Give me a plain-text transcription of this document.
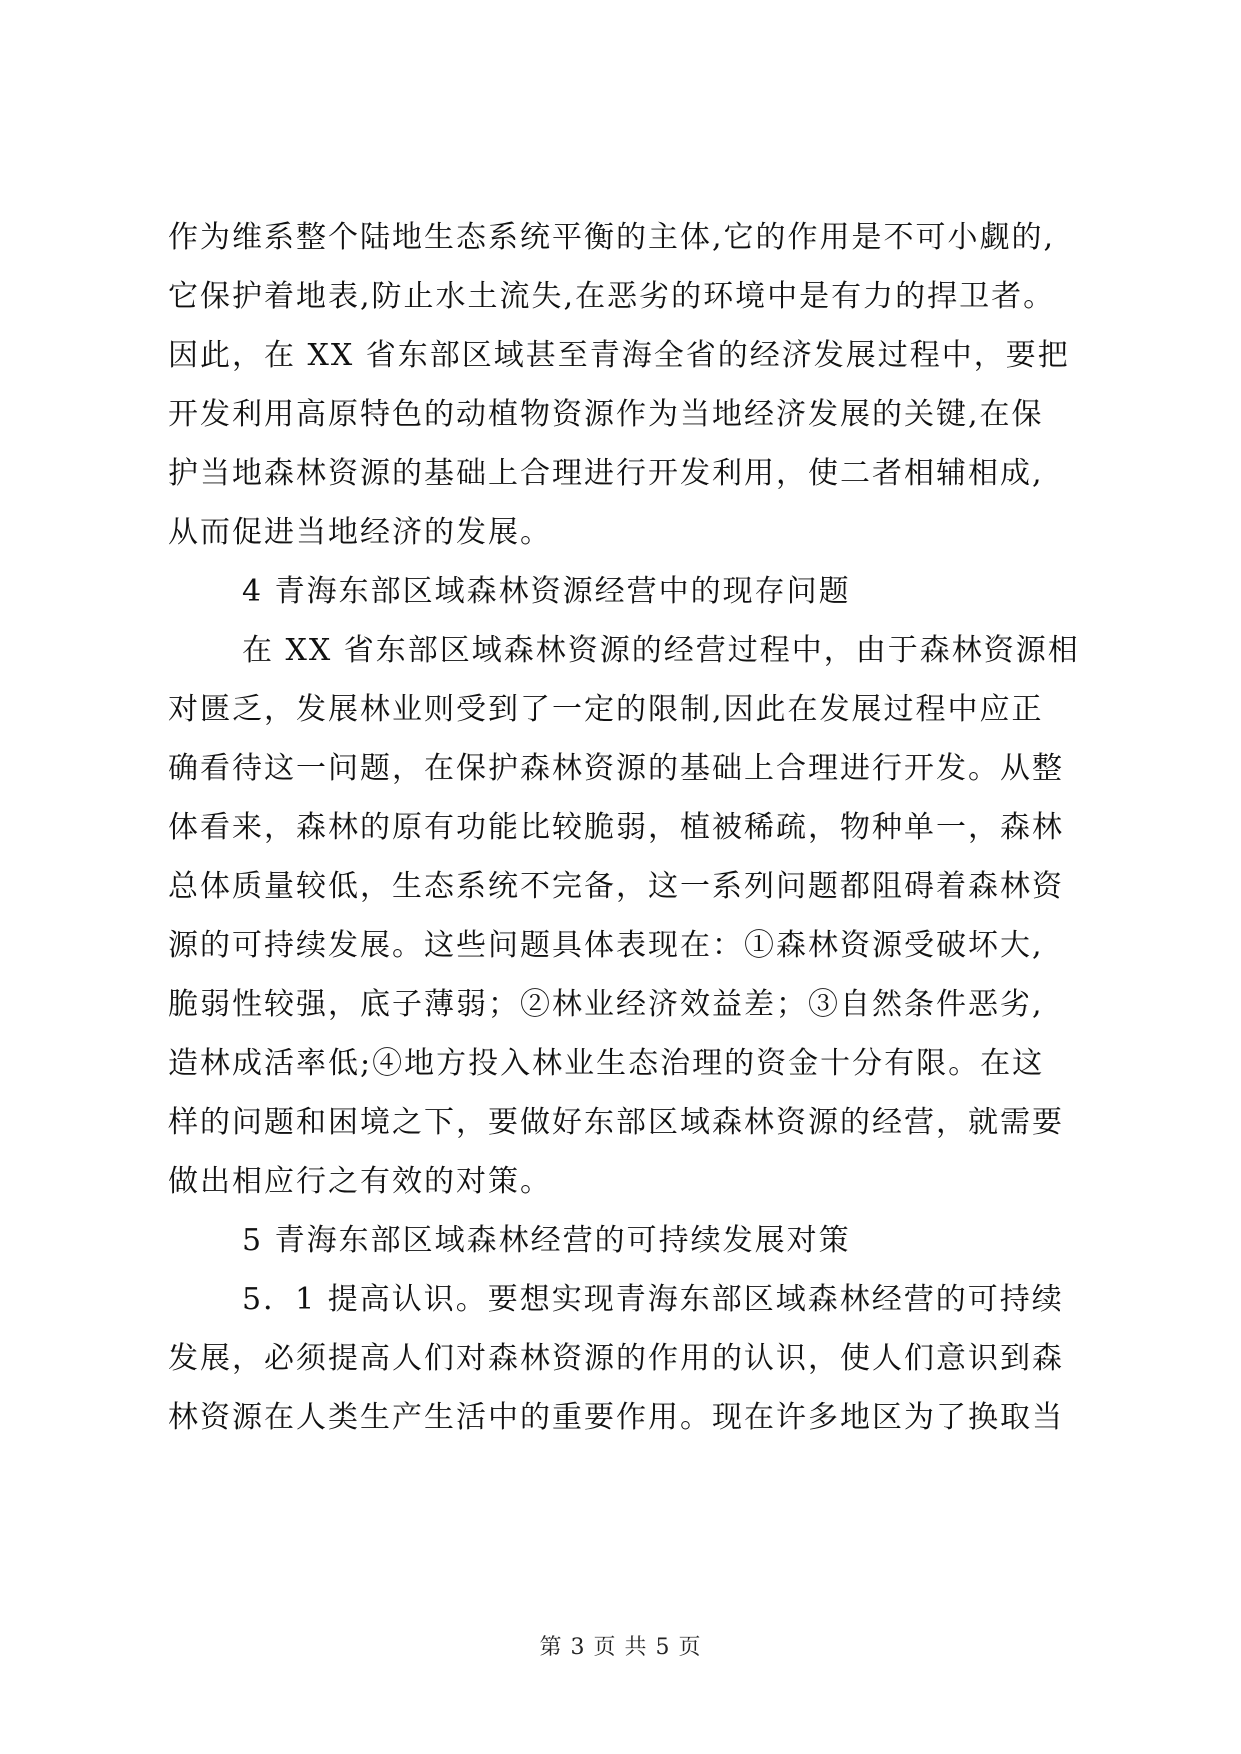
作为维系整个陆地生态系统平衡的主体,它的作用是不可小觑的,
它保护着地表,防止水土流失,在恶劣的环境中是有力的捍卫者。
因此，在 XX 省东部区域甚至青海全省的经济发展过程中，要把
开发利用高原特色的动植物资源作为当地经济发展的关键,在保
护当地森林资源的基础上合理进行开发利用，使二者相辅相成,
从而促进当地经济的发展。
4 青海东部区域森林资源经营中的现存问题
在 XX 省东部区域森林资源的经营过程中，由于森林资源相
对匮乏，发展林业则受到了一定的限制,因此在发展过程中应正
确看待这一问题，在保护森林资源的基础上合理进行开发。从整
体看来，森林的原有功能比较脆弱，植被稀疏，物种单一，森林
总体质量较低，生态系统不完备，这一系列问题都阻碍着森林资
源的可持续发展。这些问题具体表现在：①森林资源受破坏大,
脆弱性较强，底子薄弱；②林业经济效益差；③自然条件恶劣,
造林成活率低;④地方投入林业生态治理的资金十分有限。在这
样的问题和困境之下，要做好东部区域森林资源的经营，就需要
做出相应行之有效的对策。
5 青海东部区域森林经营的可持续发展对策
5．1 提高认识。要想实现青海东部区域森林经营的可持续
发展，必须提高人们对森林资源的作用的认识，使人们意识到森
林资源在人类生产生活中的重要作用。现在许多地区为了换取当
第 3 页 共 5 页
